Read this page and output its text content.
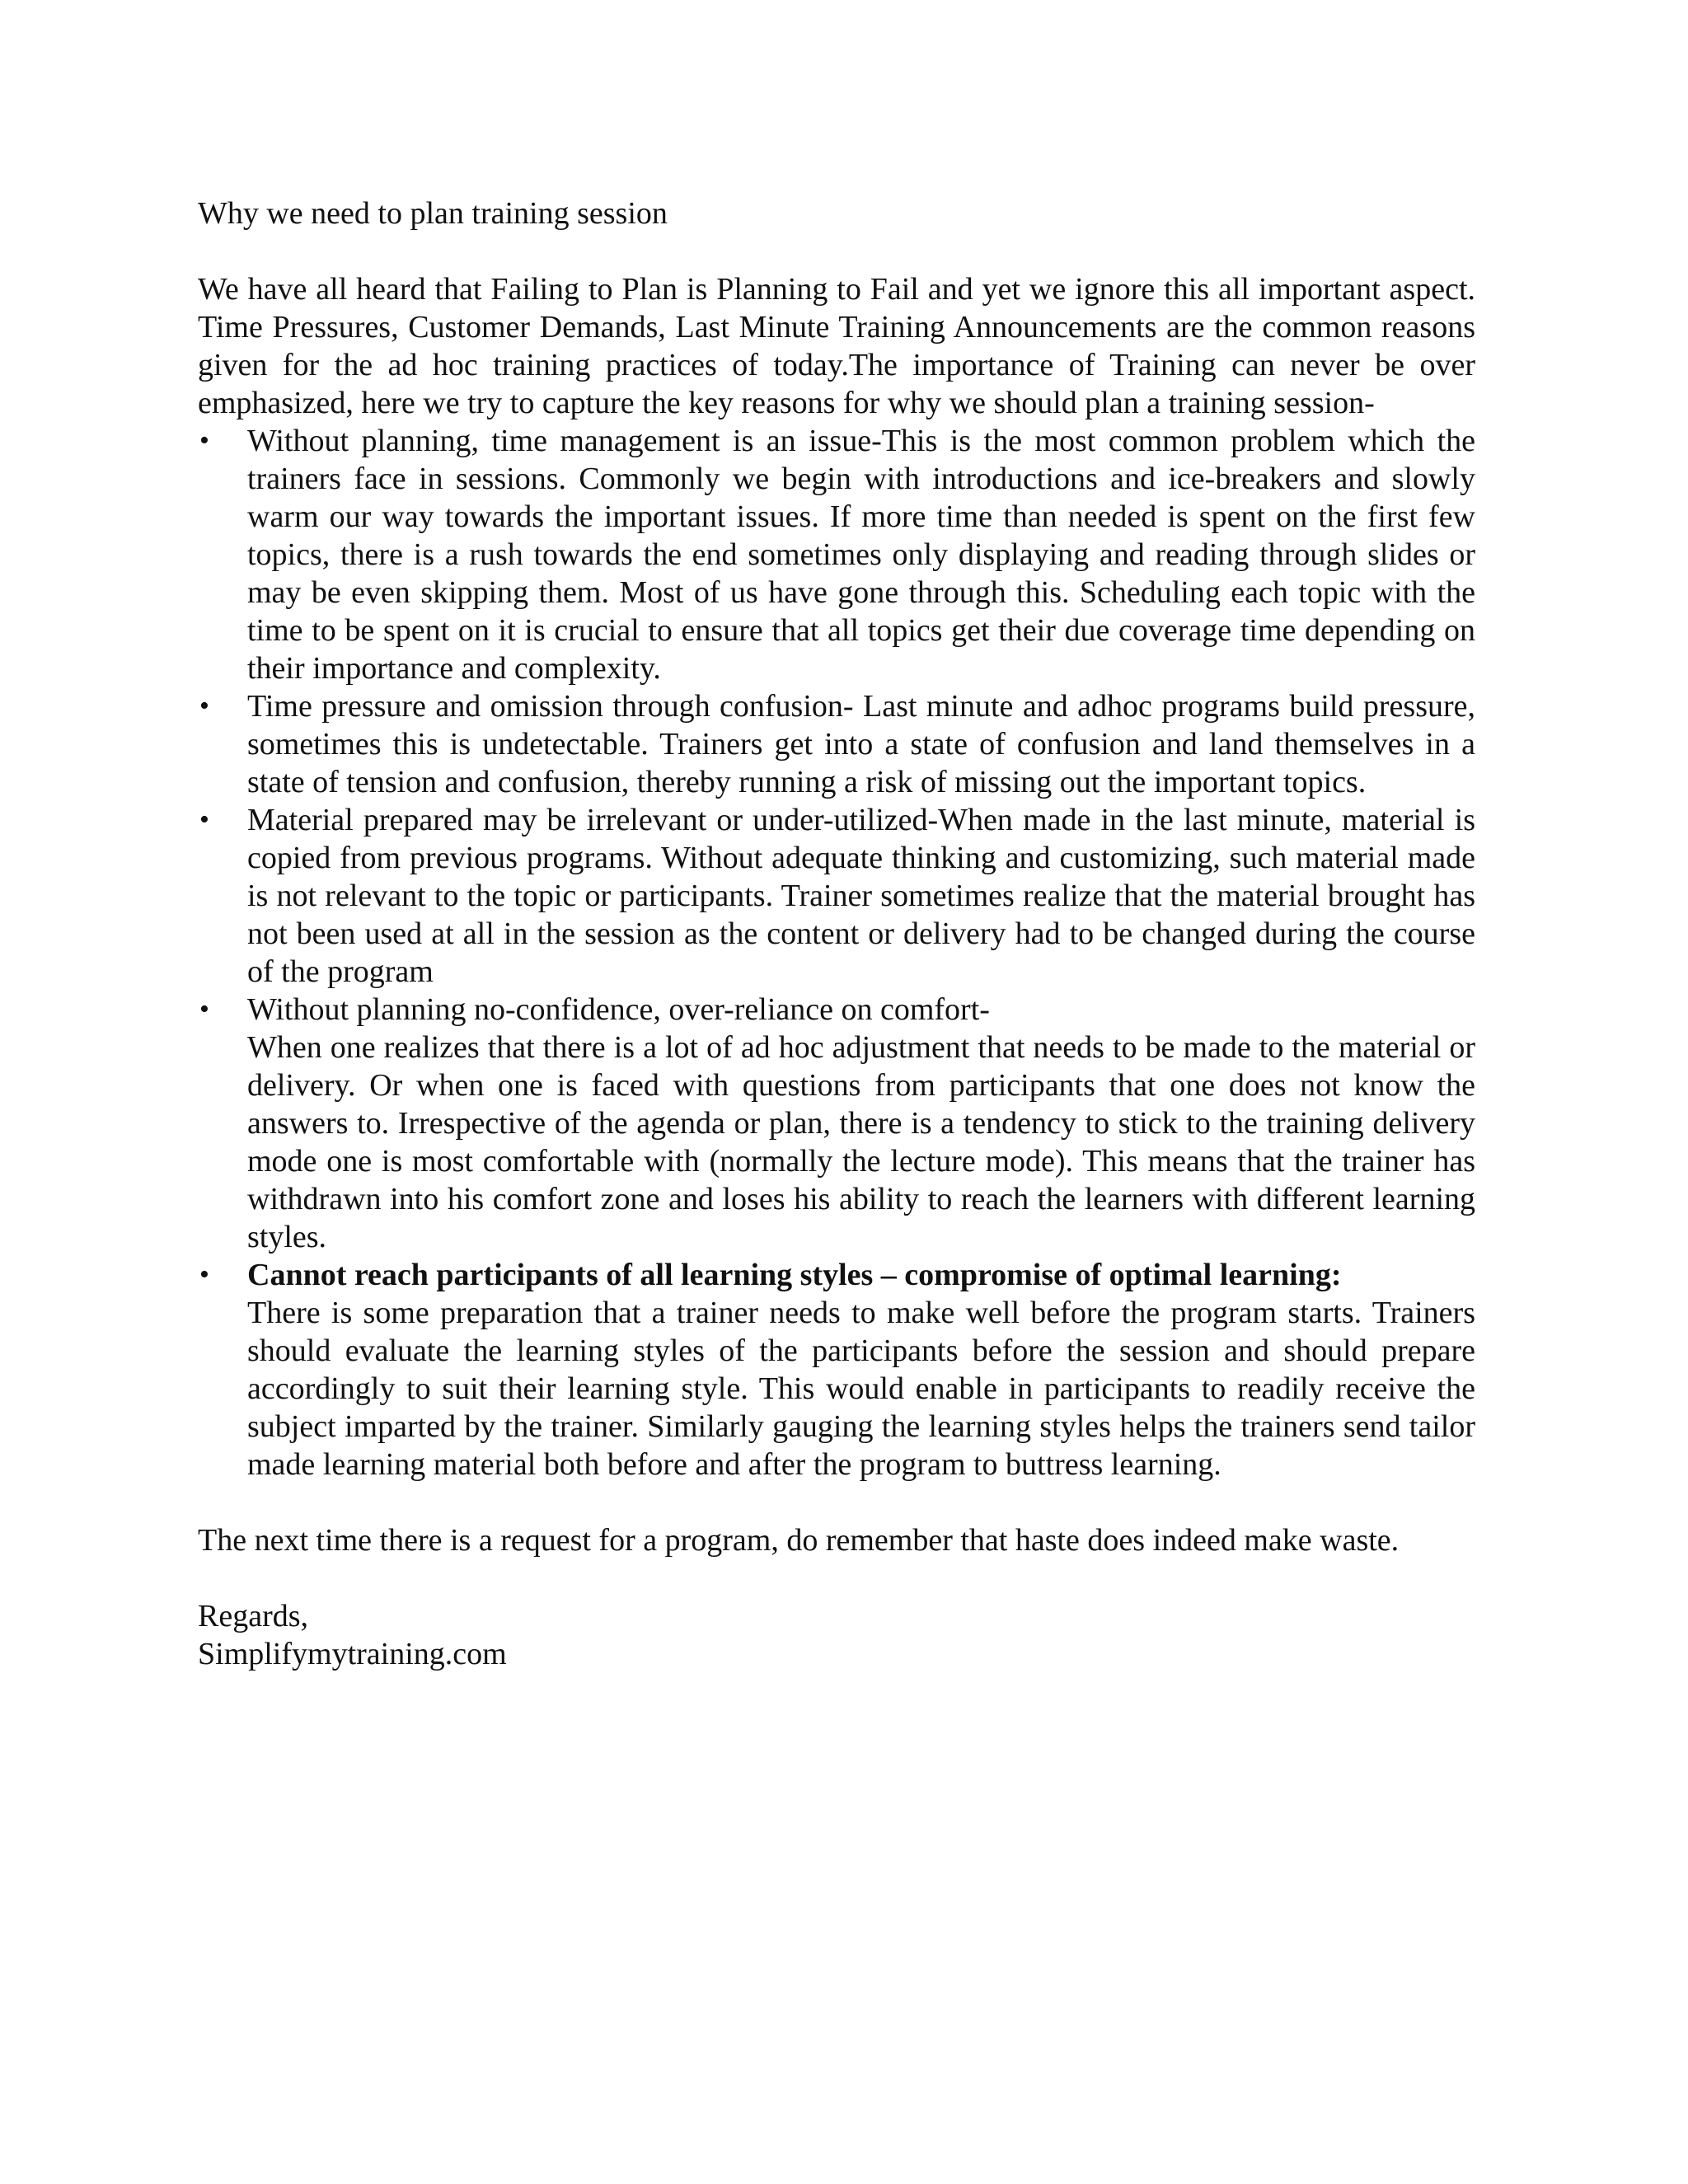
Why we need to plan training session

We have all heard that Failing to Plan is Planning to Fail and yet we ignore this all important aspect. Time Pressures, Customer Demands, Last Minute Training Announcements are the common reasons given for the ad hoc training practices of today.The importance of Training can never be over emphasized, here we try to capture the key reasons for why we should plan a training session-

•	Without planning, time management is an issue-This is the most common problem which the trainers face in sessions. Commonly we begin with introductions and ice-breakers and slowly warm our way towards the important issues. If more time than needed is spent on the first few topics, there is a rush towards the end sometimes only displaying and reading through slides or may be even skipping them. Most of us have gone through this. Scheduling each topic with the time to be spent on it is crucial to ensure that all topics get their due coverage time depending on their importance and complexity.
•	Time pressure and omission through confusion- Last minute and adhoc programs build pressure, sometimes this is undetectable. Trainers get into a state of confusion and land themselves in a state of tension and confusion, thereby running a risk of missing out the important topics.
•	Material prepared may be irrelevant or under-utilized-When made in the last minute, material is copied from previous programs. Without adequate thinking and customizing, such material made is not relevant to the topic or participants. Trainer sometimes realize that the material brought has not been used at all in the session as the content or delivery had to be changed during the course of the program
•	Without planning no-confidence, over-reliance on comfort-
When one realizes that there is a lot of ad hoc adjustment that needs to be made to the material or delivery. Or when one is faced with questions from participants that one does not know the answers to. Irrespective of the agenda or plan, there is a tendency to stick to the training delivery mode one is most comfortable with (normally the lecture mode). This means that the trainer has withdrawn into his comfort zone and loses his ability to reach the learners with different learning styles.
•	Cannot reach participants of all learning styles – compromise of optimal learning:
There is some preparation that a trainer needs to make well before the program starts. Trainers should evaluate the learning styles of the participants before the session and should prepare accordingly to suit their learning style. This would enable in participants to readily receive the subject imparted by the trainer. Similarly gauging the learning styles helps the trainers send tailor made learning material both before and after the program to buttress learning.

The next time there is a request for a program, do remember that haste does indeed make waste.

Regards,
Simplifymytraining.com
